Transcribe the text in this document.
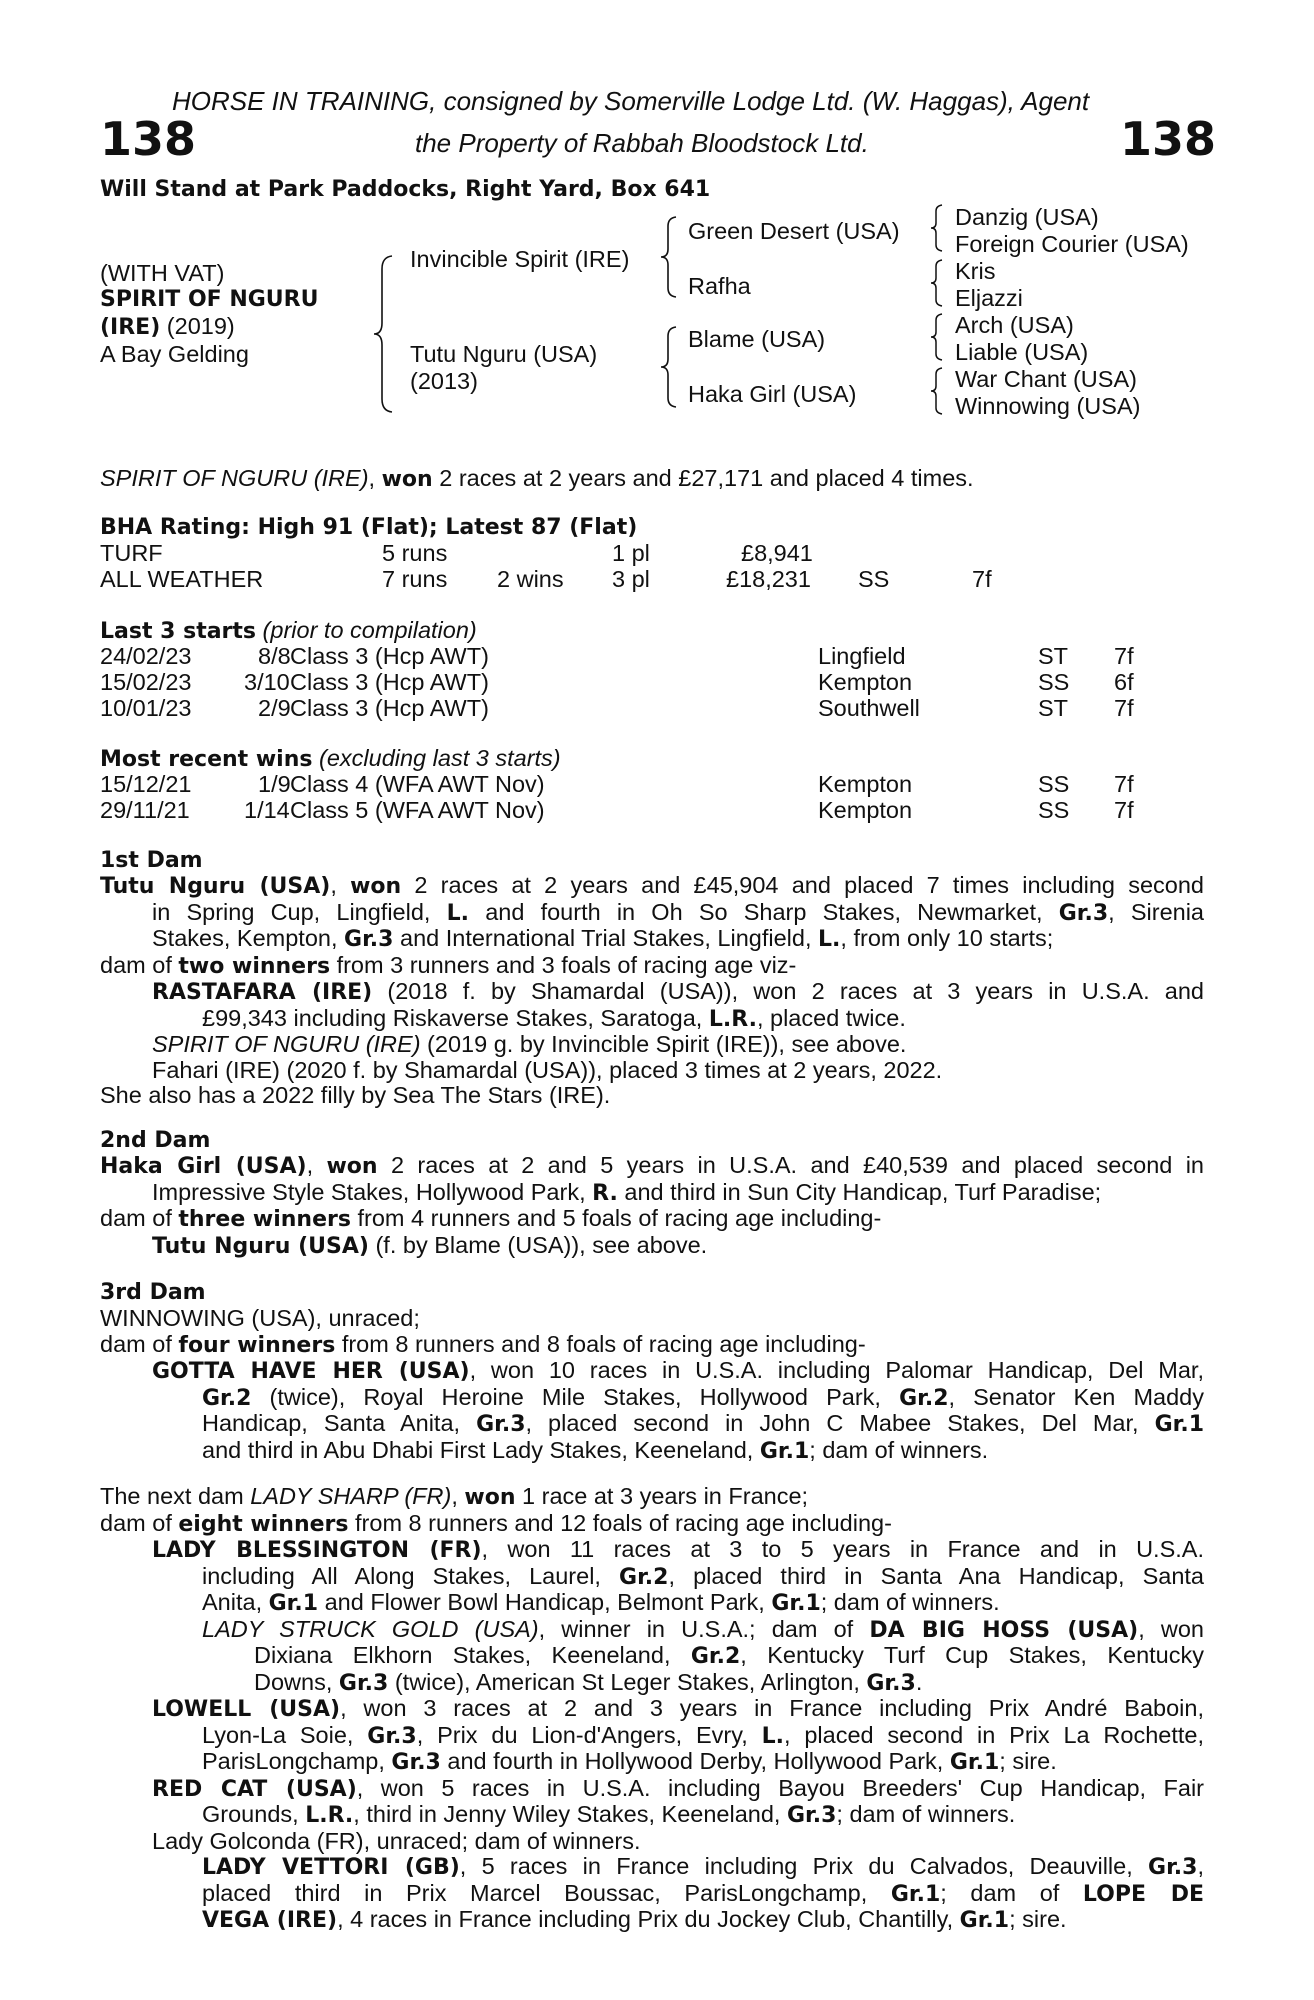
HORSE IN TRAINING, consigned by Somerville Lodge Ltd. (W. Haggas), Agent
138	the Property of Rabbah Bloodstock Ltd.	138
Will Stand at Park Paddocks, Right Yard, Box 641
(WITH VAT)
SPIRIT OF NGURU
(IRE) (2019)
A Bay Gelding
Invincible Spirit (IRE)
Tutu Nguru (USA)
(2013)
Green Desert (USA)
Rafha
Blame (USA)
Haka Girl (USA)
Danzig (USA)
Foreign Courier (USA)
Kris
Eljazzi
Arch (USA)
Liable (USA)
War Chant (USA)
Winnowing (USA)
SPIRIT OF NGURU (IRE), won 2 races at 2 years and £27,171 and placed 4 times.
BHA Rating: High 91 (Flat); Latest 87 (Flat)
TURF	5 runs	1 pl	£8,941
ALL WEATHER	7 runs 2 wins 3 pl	£18,231 SS	7f
Last 3 starts (prior to compilation)
24/02/23	8/8 Class 3 (Hcp AWT)	Lingfield	ST 7f
15/02/23 3/10 Class 3 (Hcp AWT)	Kempton	SS 6f
10/01/23	2/9 Class 3 (Hcp AWT)	Southwell	ST 7f
Most recent wins (excluding last 3 starts)
15/12/21	1/9 Class 4 (WFA AWT Nov)	Kempton	SS 7f
29/11/21 1/14 Class 5 (WFA AWT Nov)	Kempton	SS 7f
1st Dam
Tutu Nguru (USA), won 2 races at 2 years and £45,904 and placed 7 times including second
in Spring Cup, Lingfield, L. and fourth in Oh So Sharp Stakes, Newmarket, Gr.3, Sirenia
Stakes, Kempton, Gr.3 and International Trial Stakes, Lingfield, L., from only 10 starts;
dam of two winners from 3 runners and 3 foals of racing age viz-
RASTAFARA (IRE) (2018 f. by Shamardal (USA)), won 2 races at 3 years in U.S.A. and
£99,343 including Riskaverse Stakes, Saratoga, L.R., placed twice.
SPIRIT OF NGURU (IRE) (2019 g. by Invincible Spirit (IRE)), see above.
Fahari (IRE) (2020 f. by Shamardal (USA)), placed 3 times at 2 years, 2022.
She also has a 2022 filly by Sea The Stars (IRE).
2nd Dam
Haka Girl (USA), won 2 races at 2 and 5 years in U.S.A. and £40,539 and placed second in
Impressive Style Stakes, Hollywood Park, R. and third in Sun City Handicap, Turf Paradise;
dam of three winners from 4 runners and 5 foals of racing age including-
Tutu Nguru (USA) (f. by Blame (USA)), see above.
3rd Dam
WINNOWING (USA), unraced;
dam of four winners from 8 runners and 8 foals of racing age including-
GOTTA HAVE HER (USA), won 10 races in U.S.A. including Palomar Handicap, Del Mar,
Gr.2 (twice), Royal Heroine Mile Stakes, Hollywood Park, Gr.2, Senator Ken Maddy
Handicap, Santa Anita, Gr.3, placed second in John C Mabee Stakes, Del Mar, Gr.1
and third in Abu Dhabi First Lady Stakes, Keeneland, Gr.1; dam of winners.
The next dam LADY SHARP (FR), won 1 race at 3 years in France;
dam of eight winners from 8 runners and 12 foals of racing age including-
LADY BLESSINGTON (FR), won 11 races at 3 to 5 years in France and in U.S.A.
including All Along Stakes, Laurel, Gr.2, placed third in Santa Ana Handicap, Santa
Anita, Gr.1 and Flower Bowl Handicap, Belmont Park, Gr.1; dam of winners.
LADY STRUCK GOLD (USA), winner in U.S.A.; dam of DA BIG HOSS (USA), won
Dixiana Elkhorn Stakes, Keeneland, Gr.2, Kentucky Turf Cup Stakes, Kentucky
Downs, Gr.3 (twice), American St Leger Stakes, Arlington, Gr.3.
LOWELL (USA), won 3 races at 2 and 3 years in France including Prix André Baboin,
Lyon-La Soie, Gr.3, Prix du Lion-d'Angers, Evry, L., placed second in Prix La Rochette,
ParisLongchamp, Gr.3 and fourth in Hollywood Derby, Hollywood Park, Gr.1; sire.
RED CAT (USA), won 5 races in U.S.A. including Bayou Breeders' Cup Handicap, Fair
Grounds, L.R., third in Jenny Wiley Stakes, Keeneland, Gr.3; dam of winners.
Lady Golconda (FR), unraced; dam of winners.
LADY VETTORI (GB), 5 races in France including Prix du Calvados, Deauville, Gr.3,
placed third in Prix Marcel Boussac, ParisLongchamp, Gr.1; dam of LOPE DE
VEGA (IRE), 4 races in France including Prix du Jockey Club, Chantilly, Gr.1; sire.
